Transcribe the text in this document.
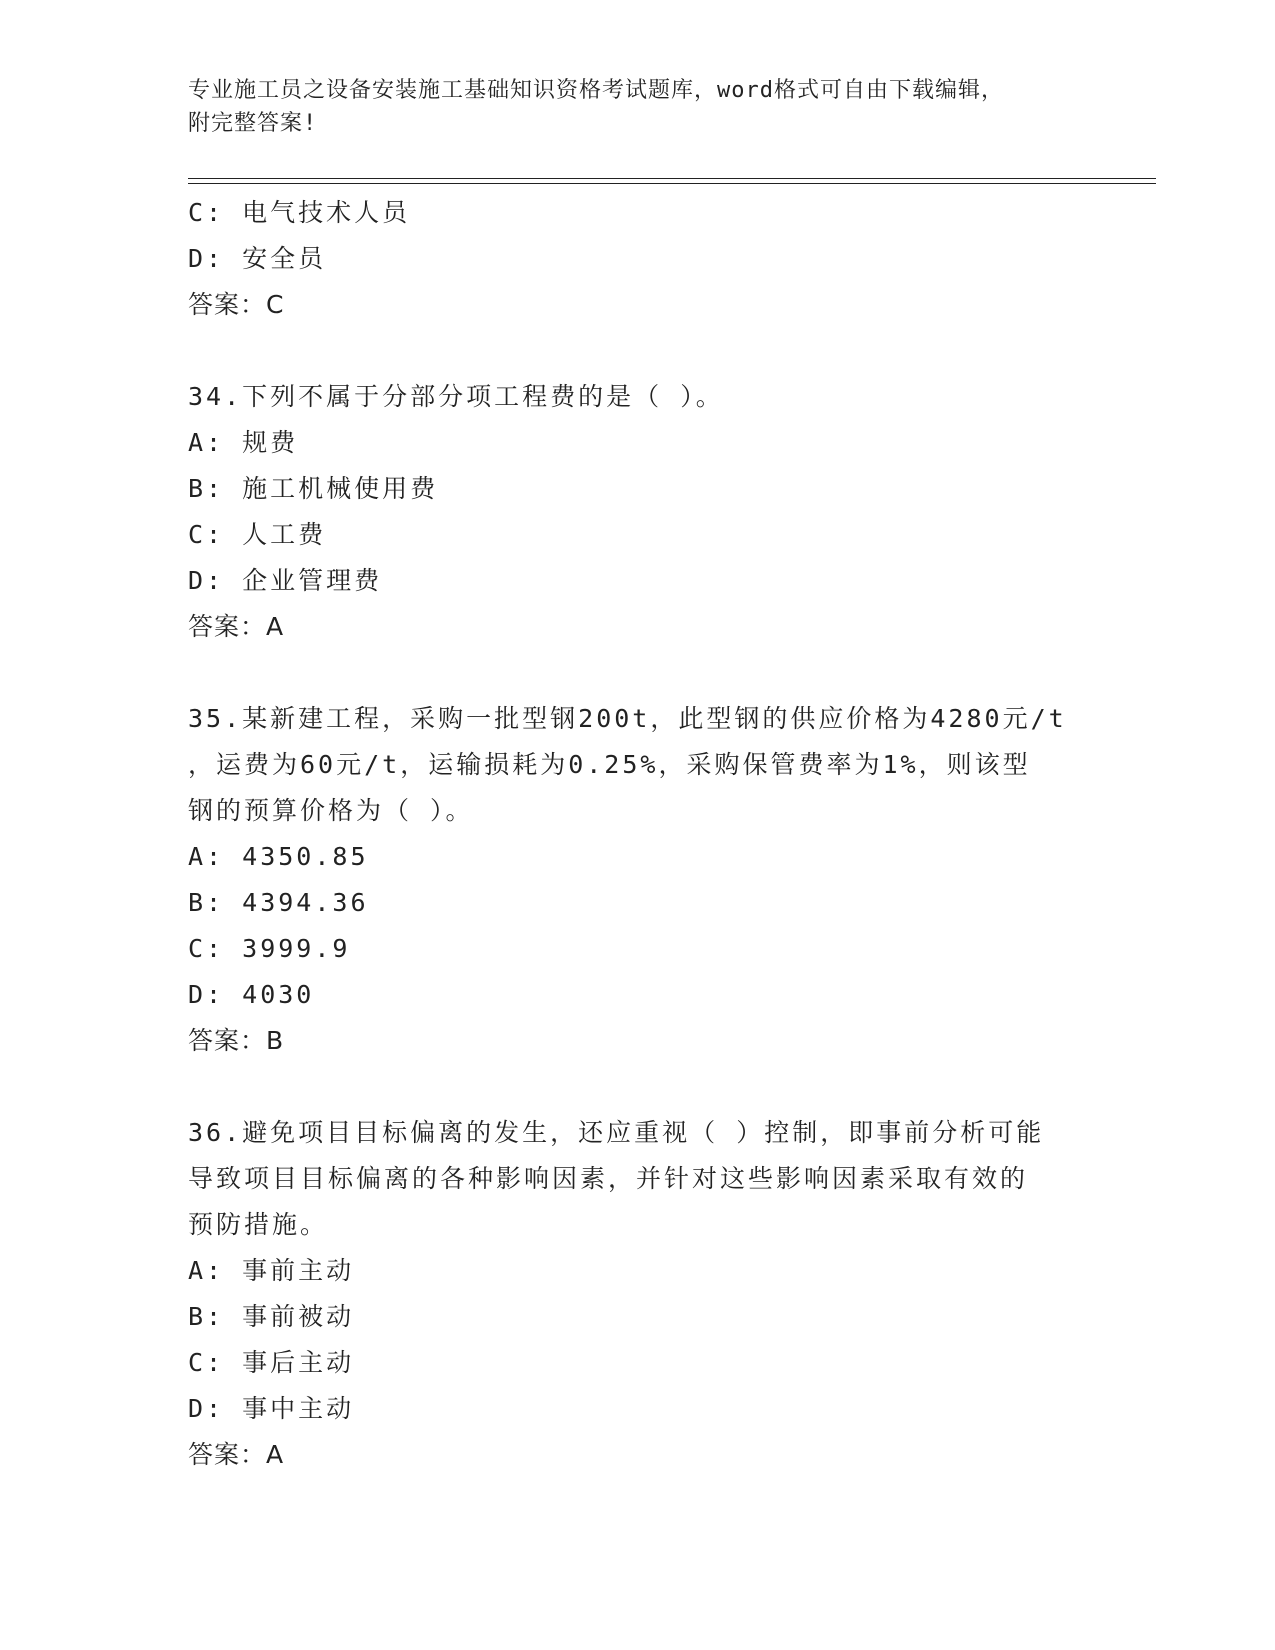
专业施工员之设备安装施工基础知识资格考试题库，word格式可自由下载编辑，
附完整答案!
C: 电气技术人员
D: 安全员
答案：C
34.下列不属于分部分项工程费的是（ ）。
A: 规费
B: 施工机械使用费
C: 人工费
D: 企业管理费
答案：A
35.某新建工程，采购一批型钢200t，此型钢的供应价格为4280元/t
，运费为60元/t，运输损耗为0.25%，采购保管费率为1%，则该型
钢的预算价格为（ ）。
A: 4350.85
B: 4394.36
C: 3999.9
D: 4030
答案：B
36.避免项目目标偏离的发生，还应重视（ ）控制，即事前分析可能
导致项目目标偏离的各种影响因素，并针对这些影响因素采取有效的
预防措施。
A: 事前主动
B: 事前被动
C: 事后主动
D: 事中主动
答案：A
